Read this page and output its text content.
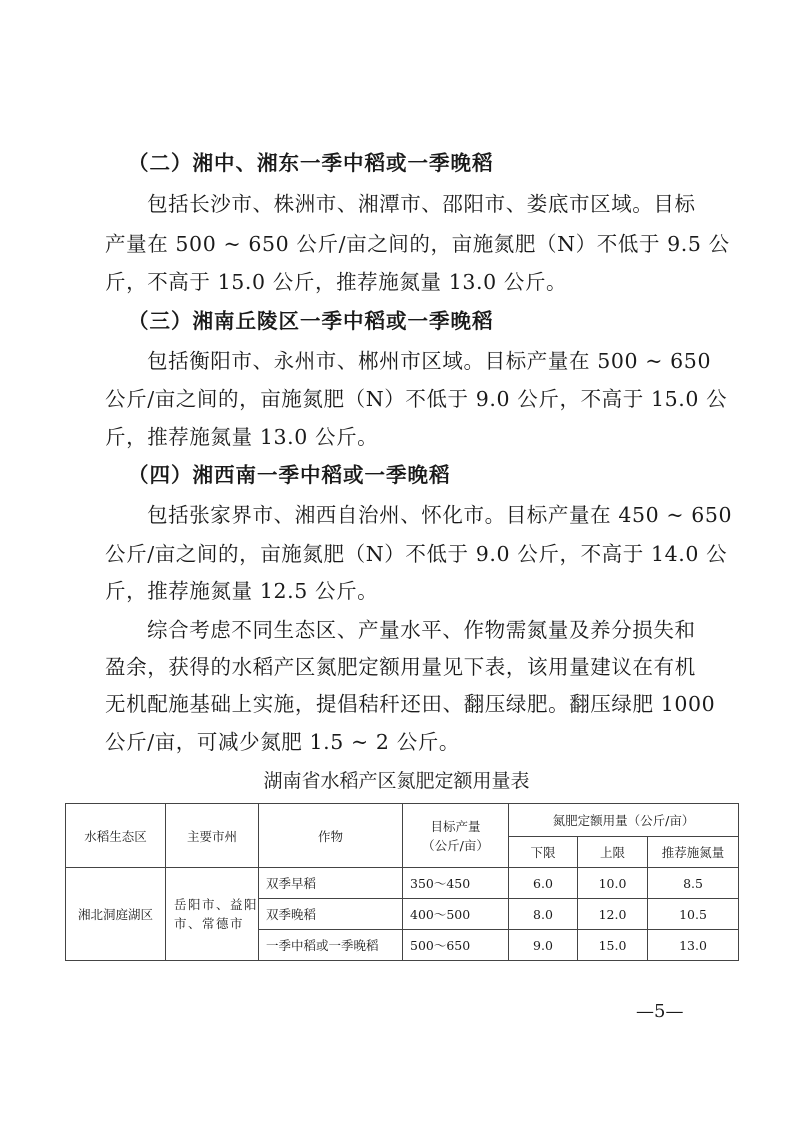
（二）湘中、湘东一季中稻或一季晚稻
包括长沙市、株洲市、湘潭市、邵阳市、娄底市区域。目标
产量在 500 ~ 650 公斤/亩之间的，亩施氮肥（N）不低于 9.5 公
斤，不高于 15.0 公斤，推荐施氮量 13.0 公斤。
（三）湘南丘陵区一季中稻或一季晚稻
包括衡阳市、永州市、郴州市区域。目标产量在 500 ~ 650
公斤/亩之间的，亩施氮肥（N）不低于 9.0 公斤，不高于 15.0 公
斤，推荐施氮量 13.0 公斤。
（四）湘西南一季中稻或一季晚稻
包括张家界市、湘西自治州、怀化市。目标产量在 450 ~ 650
公斤/亩之间的，亩施氮肥（N）不低于 9.0 公斤，不高于 14.0 公
斤，推荐施氮量 12.5 公斤。
综合考虑不同生态区、产量水平、作物需氮量及养分损失和
盈余，获得的水稻产区氮肥定额用量见下表，该用量建议在有机
无机配施基础上实施，提倡秸秆还田、翻压绿肥。翻压绿肥 1000
公斤/亩，可减少氮肥 1.5 ~ 2 公斤。
湖南省水稻产区氮肥定额用量表
水稻生态区	主要市州	作物	目标产量
（公斤/亩）	氮肥定额用量（公斤/亩）		
				下限	上限	推荐施氮量
湘北洞庭湖区	岳阳市、益阳
市、常德市	双季早稻	350～450	6.0	10.0	8.5
		双季晚稻	400～500	8.0	12.0	10.5
		一季中稻或一季晚稻	500～650	9.0	15.0	13.0
—5—
